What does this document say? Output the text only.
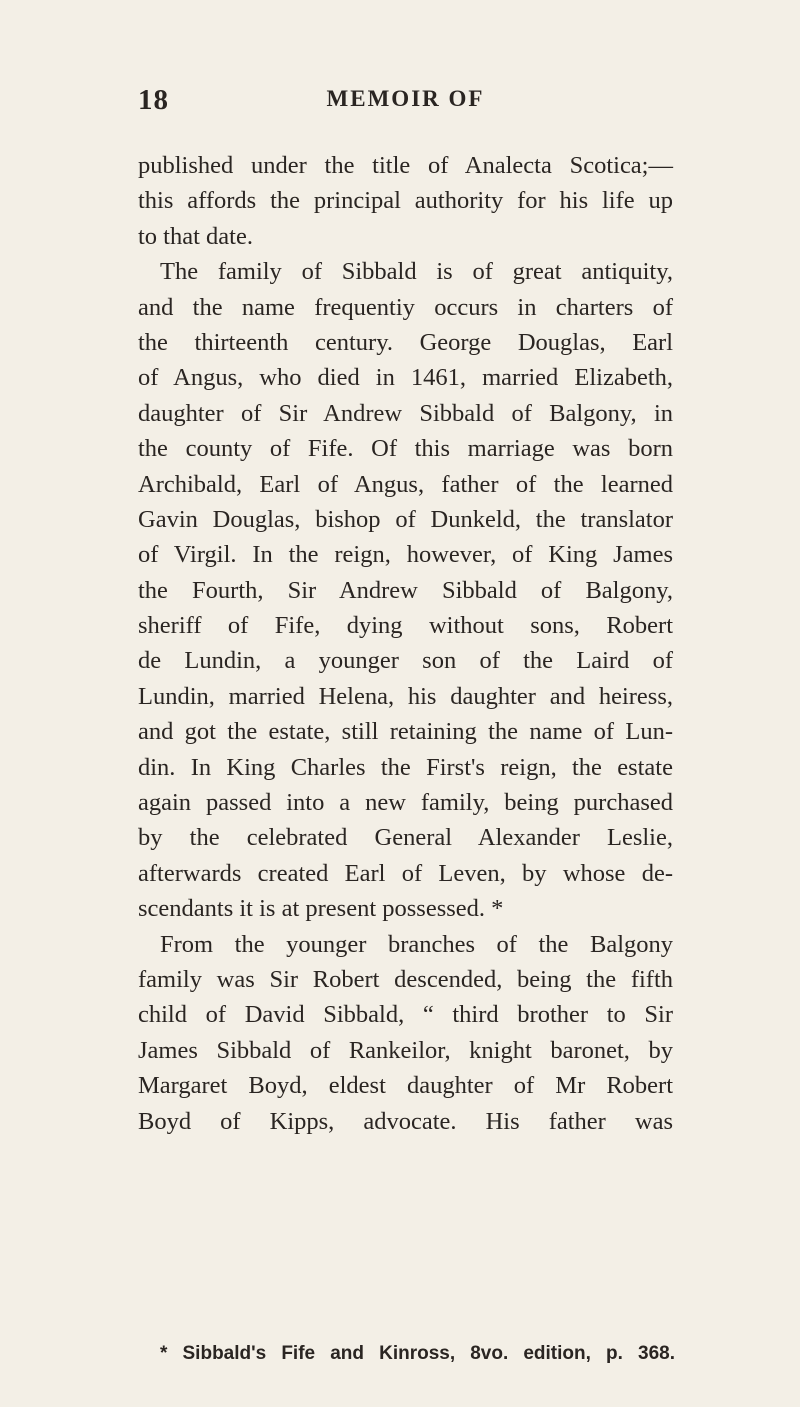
18	MEMOIR OF
published under the title of Analecta Scotica;—
this affords the principal authority for his life up
to that date.
The family of Sibbald is of great antiquity,
and the name frequentiy occurs in charters of
the thirteenth century. George Douglas, Earl
of Angus, who died in 1461, married Elizabeth,
daughter of Sir Andrew Sibbald of Balgony, in
the county of Fife. Of this marriage was born
Archibald, Earl of Angus, father of the learned
Gavin Douglas, bishop of Dunkeld, the translator
of Virgil. In the reign, however, of King James
the Fourth, Sir Andrew Sibbald of Balgony,
sheriff of Fife, dying without sons, Robert
de Lundin, a younger son of the Laird of
Lundin, married Helena, his daughter and heiress,
and got the estate, still retaining the name of Lun-
din. In King Charles the First's reign, the estate
again passed into a new family, being purchased
by the celebrated General Alexander Leslie,
afterwards created Earl of Leven, by whose de-
scendants it is at present possessed. *
From the younger branches of the Balgony
family was Sir Robert descended, being the fifth
child of David Sibbald, “ third brother to Sir
James Sibbald of Rankeilor, knight baronet, by
Margaret Boyd, eldest daughter of Mr Robert
Boyd of Kipps, advocate. His father was
* Sibbald's Fife and Kinross, 8vo. edition, p. 368.
